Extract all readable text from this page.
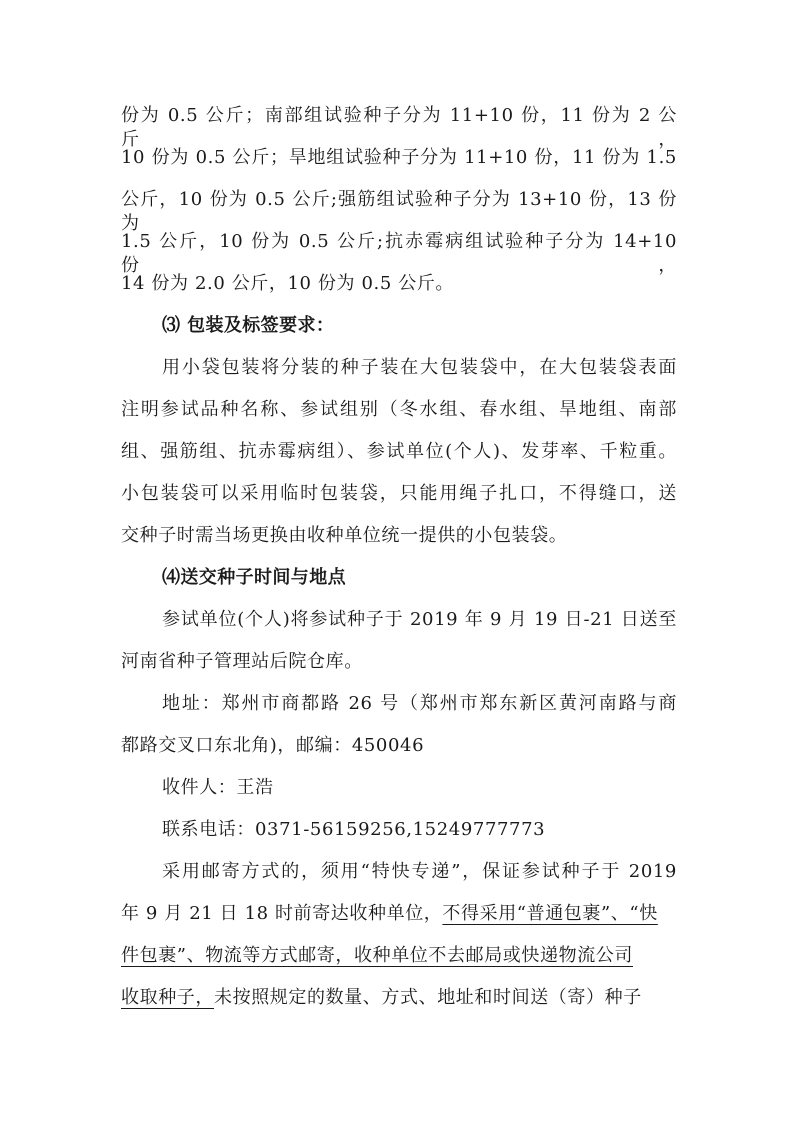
份为 0.5 公斤；南部组试验种子分为 11+10 份，11 份为 2 公斤，
10 份为 0.5 公斤；旱地组试验种子分为 11+10 份，11 份为 1.5
公斤，10 份为 0.5 公斤;强筋组试验种子分为 13+10 份，13 份为
1.5 公斤，10 份为 0.5 公斤;抗赤霉病组试验种子分为 14+10 份，
14 份为 2.0 公斤，10 份为 0.5 公斤。
⑶ 包装及标签要求：
用小袋包装将分装的种子装在大包装袋中，在大包装袋表面
注明参试品种名称、参试组别（冬水组、春水组、旱地组、南部
组、强筋组、抗赤霉病组）、参试单位(个人)、发芽率、千粒重。
小包装袋可以采用临时包装袋，只能用绳子扎口，不得缝口，送
交种子时需当场更换由收种单位统一提供的小包装袋。
⑷送交种子时间与地点
参试单位(个人)将参试种子于 2019 年 9 月 19 日-21 日送至
河南省种子管理站后院仓库。
地址：郑州市商都路 26 号（郑州市郑东新区黄河南路与商
都路交叉口东北角)，邮编：450046
收件人：王浩
联系电话：0371-56159256,15249777773
采用邮寄方式的，须用“特快专递”，保证参试种子于 2019
年 9 月 21 日 18 时前寄达收种单位，不得采用“普通包裹”、“快
件包裹”、物流等方式邮寄，收种单位不去邮局或快递物流公司
收取种子，未按照规定的数量、方式、地址和时间送（寄）种子
